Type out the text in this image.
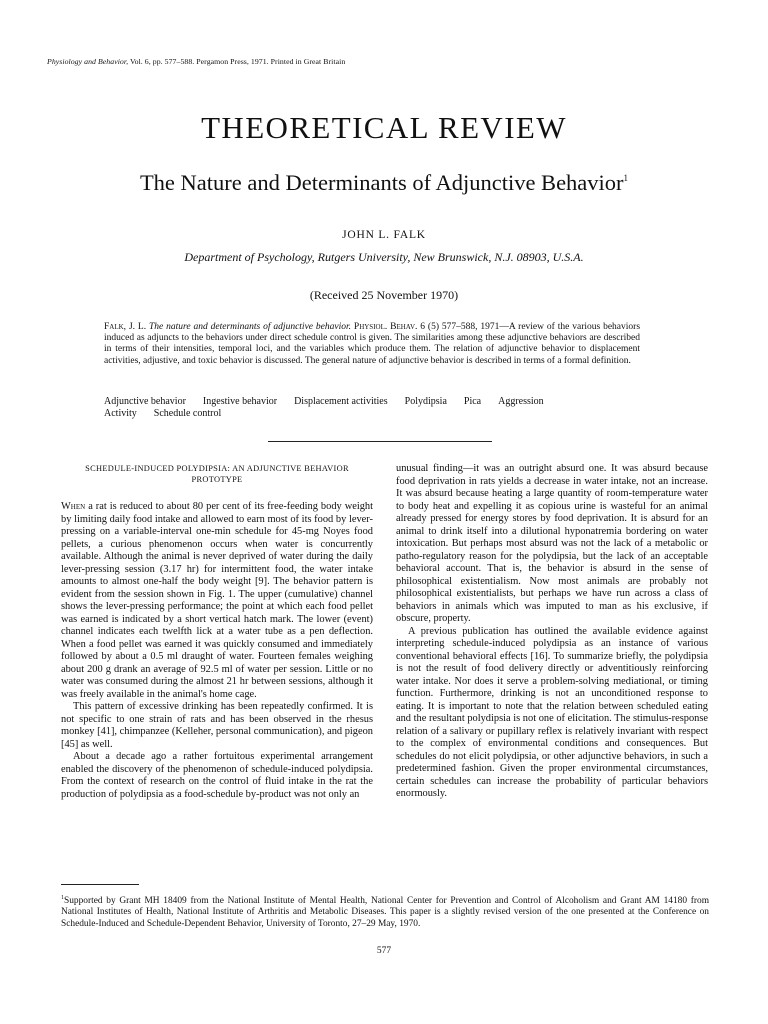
Physiology and Behavior, Vol. 6, pp. 577–588. Pergamon Press, 1971. Printed in Great Britain
THEORETICAL REVIEW
The Nature and Determinants of Adjunctive Behavior$^1$
JOHN L. FALK
Department of Psychology, Rutgers University, New Brunswick, N.J. 08903, U.S.A.
(Received 25 November 1970)
Falk, J. L. The nature and determinants of adjunctive behavior. Physiol. Behav. 6 (5) 577–588, 1971—A review of the various behaviors induced as adjuncts to the behaviors under direct schedule control is given. The similarities among these adjunctive behaviors are described in terms of their intensities, temporal loci, and the variables which produce them. The relation of adjunctive behavior to displacement activities, adjustive, and toxic behavior is discussed. The general nature of adjunctive behavior is described in terms of a formal definition.
Adjunctive behavior Ingestive behavior Displacement activities Polydipsia Pica Aggression
Activity Schedule control
SCHEDULE-INDUCED POLYDIPSIA: AN ADJUNCTIVE BEHAVIOR PROTOTYPE

When a rat is reduced to about 80 per cent of its free-feeding body weight by limiting daily food intake and allowed to earn most of its food by lever-pressing on a variable-interval one-min schedule for 45-mg Noyes food pellets, a curious phenomenon occurs when water is concurrently available. Although the animal is never deprived of water during the daily lever-pressing session (3.17 hr) for intermittent food, the water intake amounts to almost one-half the body weight [9]. The behavior pattern is evident from the session shown in Fig. 1. The upper (cumulative) channel shows the lever-pressing performance; the point at which each food pellet was earned is indicated by a short vertical hatch mark. The lower (event) channel indicates each twelfth lick at a water tube as a pen deflection. When a food pellet was earned it was quickly consumed and immediately followed by about a 0.5 ml draught of water. Fourteen females weighing about 200 g drank an average of 92.5 ml of water per session. Little or no water was consumed during the almost 21 hr between sessions, although it was freely available in the animal's home cage.

This pattern of excessive drinking has been repeatedly confirmed. It is not specific to one strain of rats and has been observed in the rhesus monkey [41], chimpanzee (Kelleher, personal communication), and pigeon [45] as well.

About a decade ago a rather fortuitous experimental arrangement enabled the discovery of the phenomenon of schedule-induced polydipsia. From the context of research on the control of fluid intake in the rat the production of polydipsia as a food-schedule by-product was not only an

unusual finding—it was an outright absurd one. It was absurd because food deprivation in rats yields a decrease in water intake, not an increase. It was absurd because heating a large quantity of room-temperature water to body heat and expelling it as copious urine is wasteful for an animal already pressed for energy stores by food deprivation. It is absurd for an animal to drink itself into a dilutional hyponatremia bordering on water intoxication. But perhaps most absurd was not the lack of a metabolic or patho-regulatory reason for the polydipsia, but the lack of an acceptable behavioral account. That is, the behavior is absurd in the sense of philosophical existentialism. Now most animals are probably not philosophical existentialists, but perhaps we have run across a class of behaviors in animals which was imputed to man as his exclusive, if obscure, property.

A previous publication has outlined the available evidence against interpreting schedule-induced polydipsia as an instance of various conventional behavioral effects [16]. To summarize briefly, the polydipsia is not the result of food delivery directly or adventitiously reinforcing water intake. Nor does it serve a problem-solving mediational, or timing function. Furthermore, drinking is not an unconditioned response to eating. It is important to note that the relation between scheduled eating and the resultant polydipsia is not one of elicitation. The stimulus-response relation of a salivary or pupillary reflex is relatively invariant with respect to the complex of environmental conditions and consequences. But schedules do not elicit polydipsia, or other adjunctive behaviors, in such a predetermined fashion. Given the proper environmental circumstances, certain schedules can increase the probability of particular behaviors enormously.

$^1$Supported by Grant MH 18409 from the National Institute of Mental Health, National Center for Prevention and Control of Alcoholism and Grant AM 14180 from National Institutes of Health, National Institute of Arthritis and Metabolic Diseases. This paper is a slightly revised version of the one presented at the Conference on Schedule-Induced and Schedule-Dependent Behavior, University of Toronto, 27–29 May, 1970.
577
